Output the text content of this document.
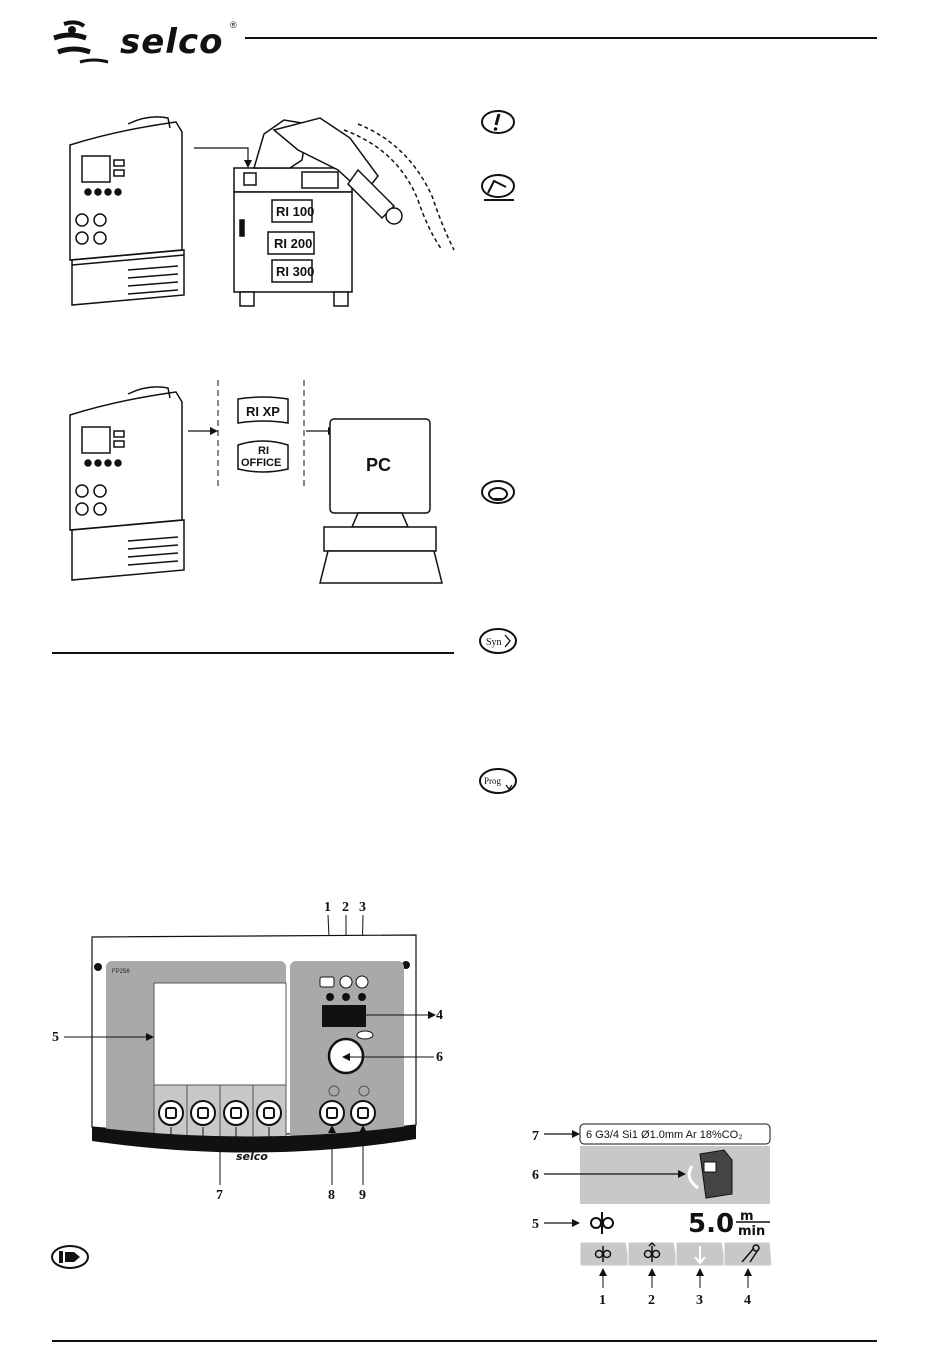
selco ®
RI 100
RI 200
RI 300
RI XP
RI
OFFICE	PC
1 2 3
FP256
4
6
selco
5
7	8 9
Syn
Prog
7	6 G3/4 Si1 Ø1.0mm Ar 18%CO₂
6
5	5.0 m
min
1	2	3	4
